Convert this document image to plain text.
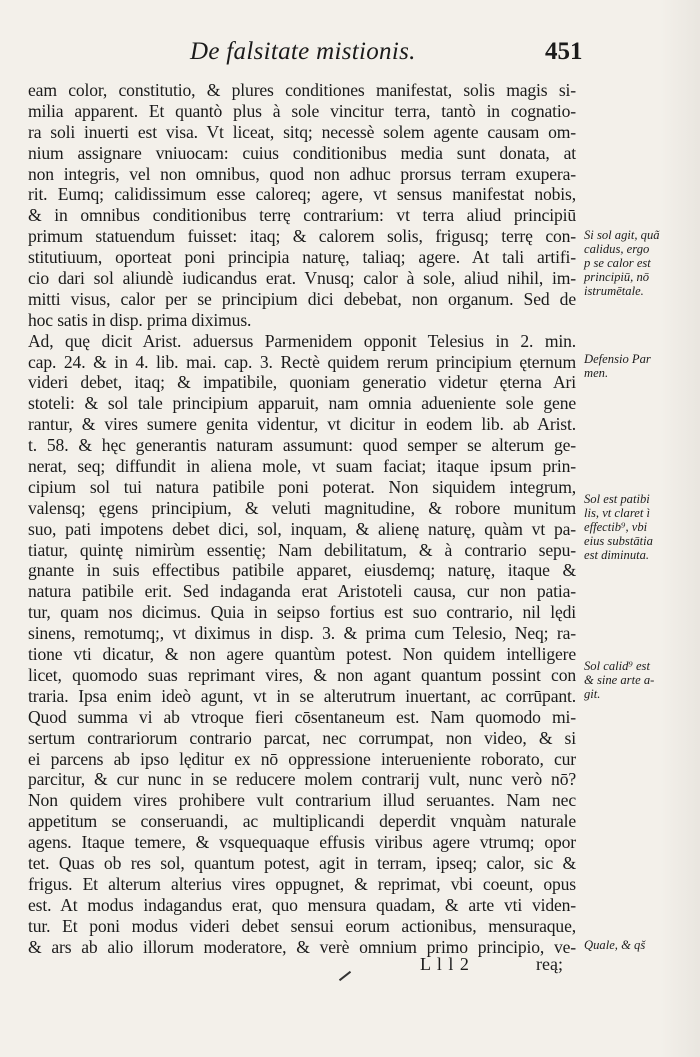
De falsitate mistionis.	451
eam color, constitutio, & plures conditiones manifestat, solis magis si-
milia apparent. Et quantò plus à sole vincitur terra, tantò in cognatio-
ra soli inuerti est visa. Vt liceat, sitq; necessè solem agente causam om-
nium assignare vniuocam: cuius conditionibus media sunt donata, at
non integris, vel non omnibus, quod non adhuc prorsus terram exupera-
rit. Eumq; calidissimum esse caloreq; agere, vt sensus manifestat nobis,
& in omnibus conditionibus terrę contrarium: vt terra aliud principiū
primum statuendum fuisset: itaq; & calorem solis, frigusq; terrę con-
stitutiuum, oporteat poni principia naturę, taliaq; agere. At tali artifi-
cio dari sol aliundè iudicandus erat. Vnusq; calor à sole, aliud nihil, im-
mitti visus, calor per se principium dici debebat, non organum. Sed de
hoc satis in disp. prima diximus.
Ad, quę dicit Arist. aduersus Parmenidem opponit Telesius in 2. min.
cap. 24. & in 4. lib. mai. cap. 3. Rectè quidem rerum principium ęternum
videri debet, itaq; & impatibile, quoniam generatio videtur ęterna Ari
stoteli: & sol tale principium apparuit, nam omnia adueniente sole gene
rantur, & vires sumere genita videntur, vt dicitur in eodem lib. ab Arist.
t. 58. & hęc generantis naturam assumunt: quod semper se alterum ge-
nerat, seq; diffundit in aliena mole, vt suam faciat; itaque ipsum prin-
cipium sol tui natura patibile poni poterat. Non siquidem integrum,
valensq; ęgens principium, & veluti magnitudine, & robore munitum
suo, pati impotens debet dici, sol, inquam, & alienę naturę, quàm vt pa-
tiatur, quintę nimirùm essentię; Nam debilitatum, & à contrario sepu-
gnante in suis effectibus patibile apparet, eiusdemq; naturę, itaque &
natura patibile erit. Sed indaganda erat Aristoteli causa, cur non patia-
tur, quam nos dicimus. Quia in seipso fortius est suo contrario, nil lędi
sinens, remotumq;, vt diximus in disp. 3. & prima cum Telesio, Neq; ra-
tione vti dicatur, & non agere quantùm potest. Non quidem intelligere
licet, quomodo suas reprimant vires, & non agant quantum possint con
traria. Ipsa enim ideò agunt, vt in se alterutrum inuertant, ac corrūpant.
Quod summa vi ab vtroque fieri cōsentaneum est. Nam quomodo mi-
sertum contrariorum contrario parcat, nec corrumpat, non video, & si
ei parcens ab ipso lęditur ex nō oppressione interueniente roborato, cur
parcitur, & cur nunc in se reducere molem contrarij vult, nunc verò nō?
Non quidem vires prohibere vult contrarium illud seruantes. Nam nec
appetitum se conseruandi, ac multiplicandi deperdit vnquàm naturale
agens. Itaque temere, & vsquequaque effusis viribus agere vtrumq; opor
tet. Quas ob res sol, quantum potest, agit in terram, ipseq; calor, sic &
frigus. Et alterum alterius vires oppugnet, & reprimat, vbi coeunt, opus
est. At modus indagandus erat, quo mensura quadam, & arte vti viden-
tur. Et poni modus videri debet sensui eorum actionibus, mensuraque,
& ars ab alio illorum moderatore, & verè omnium primo principio, ve-
Si sol agit, quã
calidus, ergo
p se calor est
principiū, nō
istrumētale.
Defensio Par
men.
Sol est patibi
lis, vt claret ì
effectib⁹, vbi
eius substātia
est diminuta.
Sol calid⁹ est
& sine arte a-
git.
Quale, & qš
L l l 2	reą;
